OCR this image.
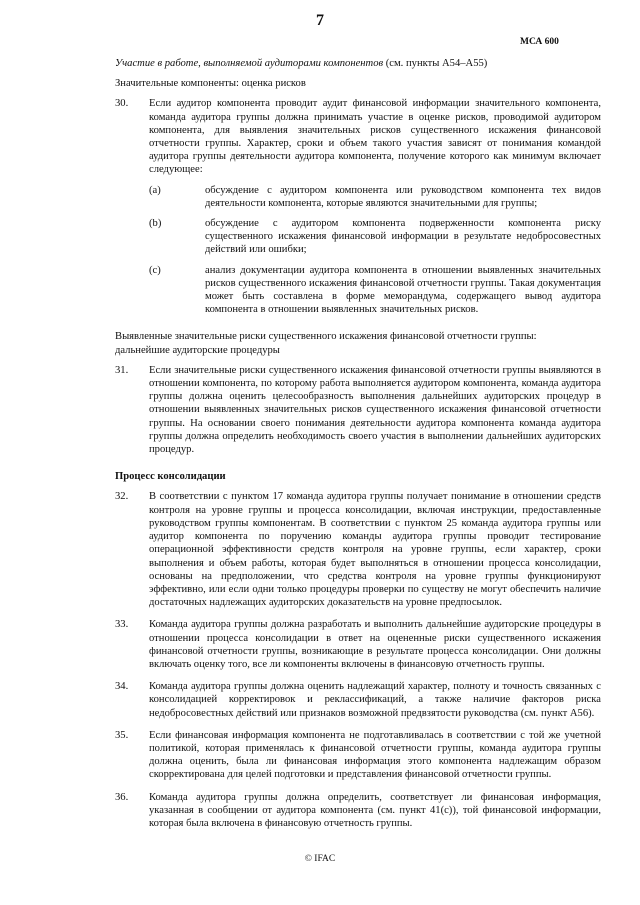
7
МСА 600
Участие в работе, выполняемой аудиторами компонентов (см. пункты А54–А55)
Значительные компоненты: оценка рисков
30.	Если аудитор компонента проводит аудит финансовой информации значительного компонента, команда аудитора группы должна принимать участие в оценке рисков, проводимой аудитором компонента, для выявления значительных рисков существенного искажения финансовой отчетности группы. Характер, сроки и объем такого участия зависят от понимания командой аудитора группы деятельности аудитора компонента, получение которого как минимум включает следующее:

(a)	обсуждение с аудитором компонента или руководством компонента тех видов деятельности компонента, которые являются значительными для группы;
(b)	обсуждение с аудитором компонента подверженности компонента риску существенного искажения финансовой информации в результате недобросовестных действий или ошибки;
(c)	анализ документации аудитора компонента в отношении выявленных значительных рисков существенного искажения финансовой отчетности группы. Такая документация может быть составлена в форме меморандума, содержащего вывод аудитора компонента в отношении выявленных значительных рисков.
Выявленные значительные риски существенного искажения финансовой отчетности группы:
дальнейшие аудиторские процедуры
31.	Если значительные риски существенного искажения финансовой отчетности группы выявляются в отношении компонента, по которому работа выполняется аудитором компонента, команда аудитора группы должна оценить целесообразность выполнения дальнейших аудиторских процедур в отношении выявленных значительных рисков существенного искажения финансовой отчетности группы. На основании своего понимания деятельности аудитора компонента команда аудитора группы должна определить необходимость своего участия в выполнении дальнейших аудиторских процедур.

Процесс консолидации
32.	В соответствии с пунктом 17 команда аудитора группы получает понимание в отношении средств контроля на уровне группы и процесса консолидации, включая инструкции, предоставленные руководством группы компонентам. В соответствии с пунктом 25 команда аудитора группы или аудитор компонента по поручению команды аудитора группы проводит тестирование операционной эффективности средств контроля на уровне группы, если характер, сроки выполнения и объем работы, которая будет выполняться в отношении процесса консолидации, основаны на предположении, что средства контроля на уровне группы функционируют эффективно, или если одни только процедуры проверки по существу не могут обеспечить наличие достаточных надлежащих аудиторских доказательств на уровне предпосылок.

33.	Команда аудитора группы должна разработать и выполнить дальнейшие аудиторские процедуры в отношении процесса консолидации в ответ на оцененные риски существенного искажения финансовой отчетности группы, возникающие в результате процесса консолидации. Они должны включать оценку того, все ли компоненты включены в финансовую отчетность группы.

34.	Команда аудитора группы должна оценить надлежащий характер, полноту и точность связанных с консолидацией корректировок и реклассификаций, а также наличие факторов риска недобросовестных действий или признаков возможной предвзятости руководства (см. пункт А56).

35.	Если финансовая информация компонента не подготавливалась в соответствии с той же учетной политикой, которая применялась к финансовой отчетности группы, команда аудитора группы должна оценить, была ли финансовая информация этого компонента надлежащим образом скорректирована для целей подготовки и представления финансовой отчетности группы.

36.	Команда аудитора группы должна определить, соответствует ли финансовая информация, указанная в сообщении от аудитора компонента (см. пункт 41(c)), той финансовой информации, которая была включена в финансовую отчетность группы.

© IFAC
